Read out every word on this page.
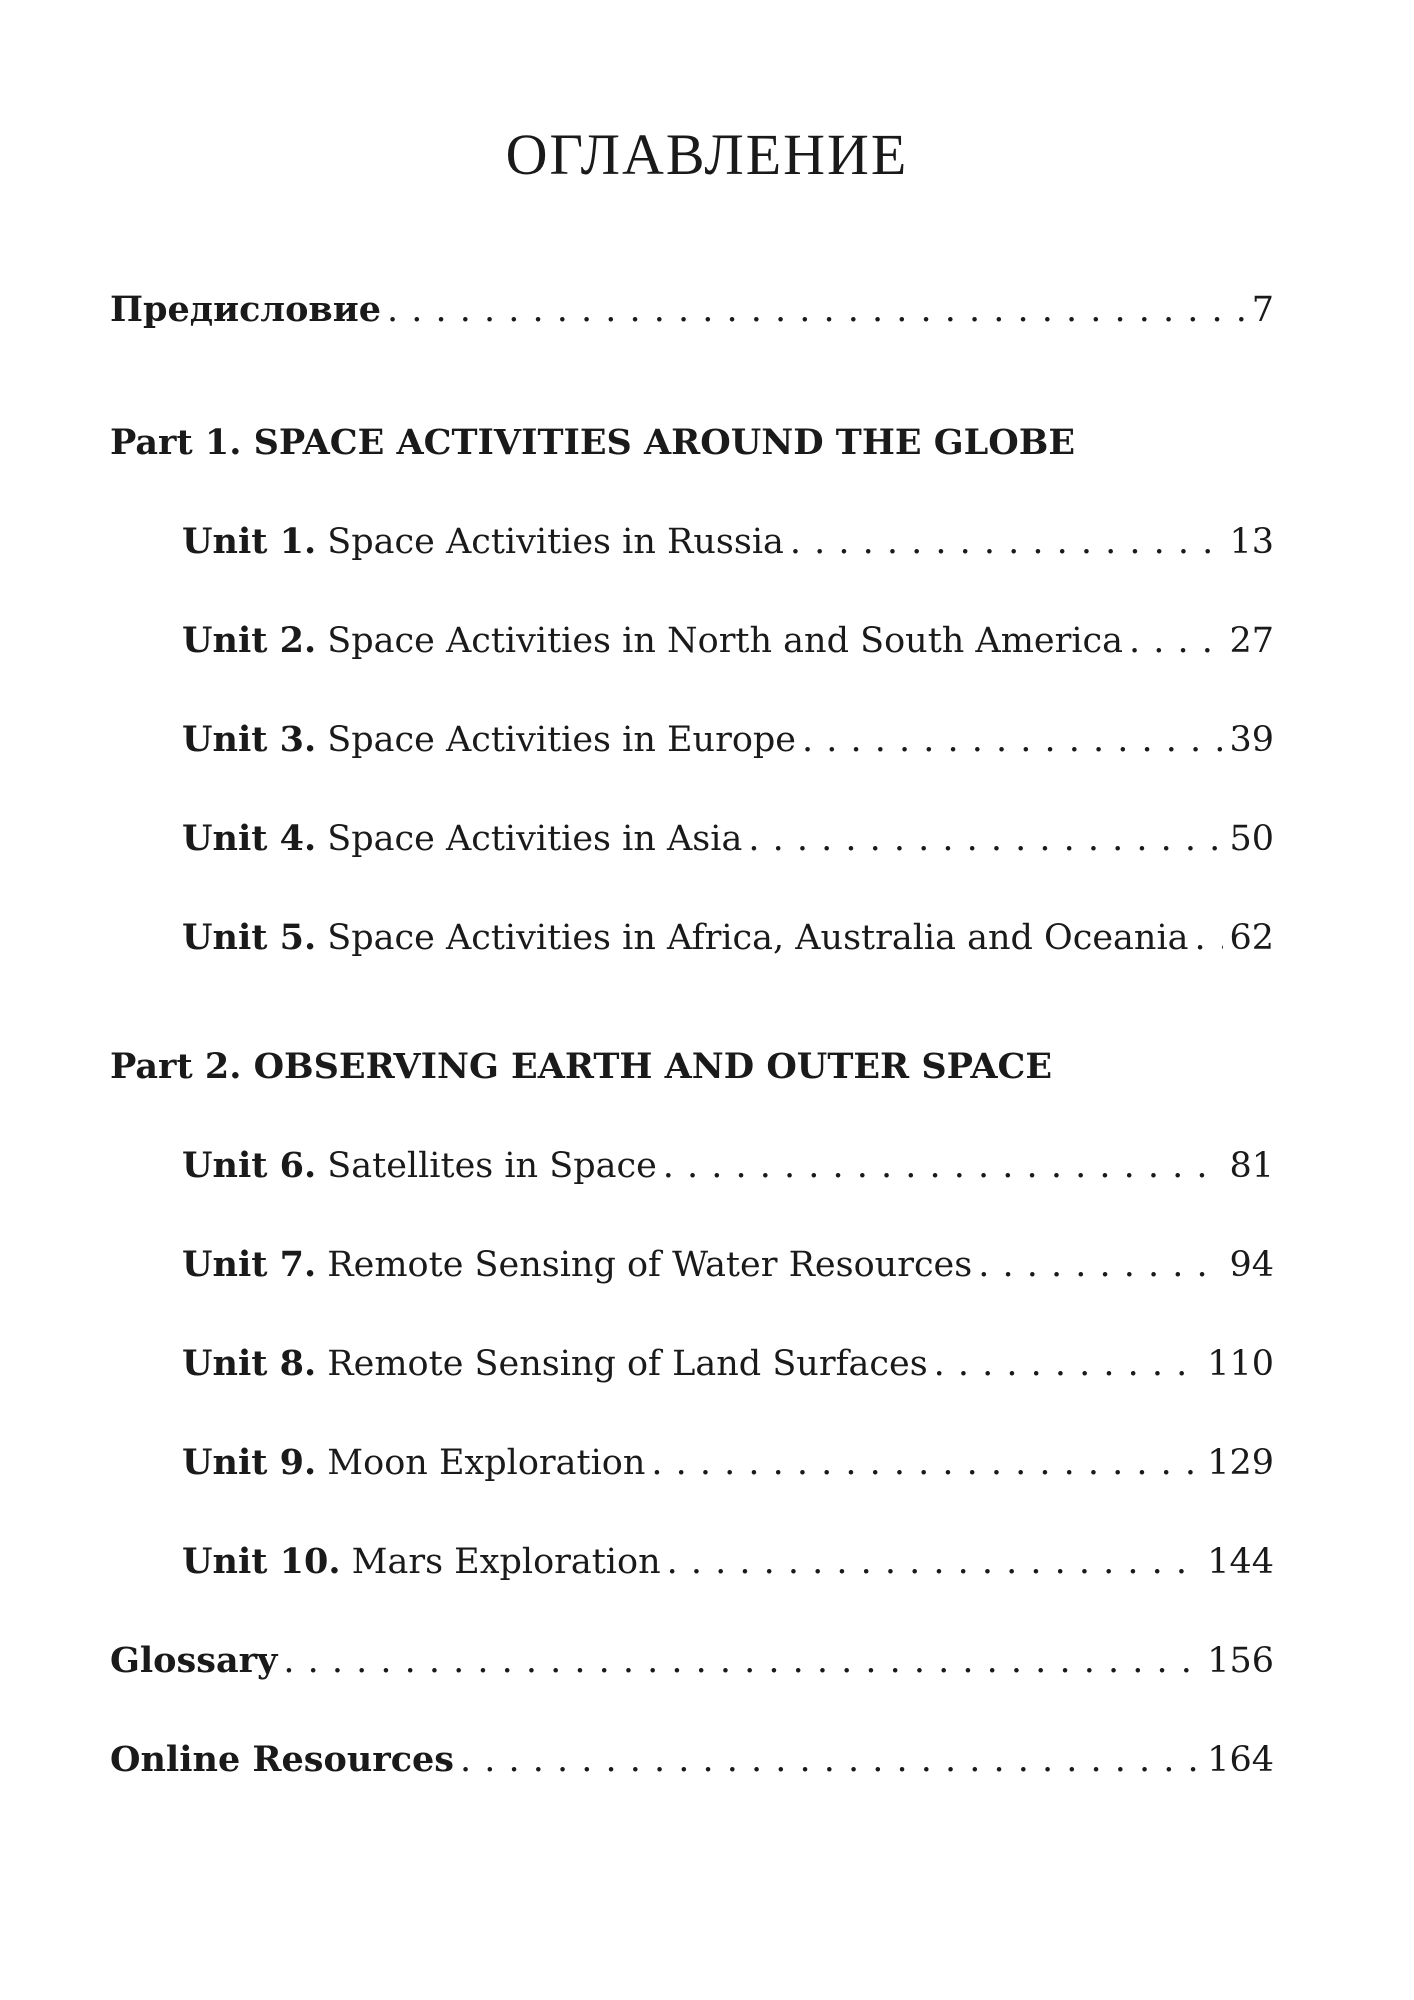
ОГЛАВЛЕНИЕ
Предисловие . . .	7
Part 1. SPACE ACTIVITIES AROUND THE GLOBE
Unit 1. Space Activities in Russia . . .	13
Unit 2. Space Activities in North and South America . . .	27
Unit 3. Space Activities in Europe . . .	39
Unit 4. Space Activities in Asia . . .	50
Unit 5. Space Activities in Africa, Australia and Oceania . . . 62
Part 2. OBSERVING EARTH AND OUTER SPACE
Unit 6. Satellites in Space . . .	81
Unit 7. Remote Sensing of Water Resources . . .	94
Unit 8. Remote Sensing of Land Surfaces . . .	110
Unit 9. Moon Exploration . . .	129
Unit 10. Mars Exploration . . .	144
Glossary . . .	156
Online Resources . . .	164
